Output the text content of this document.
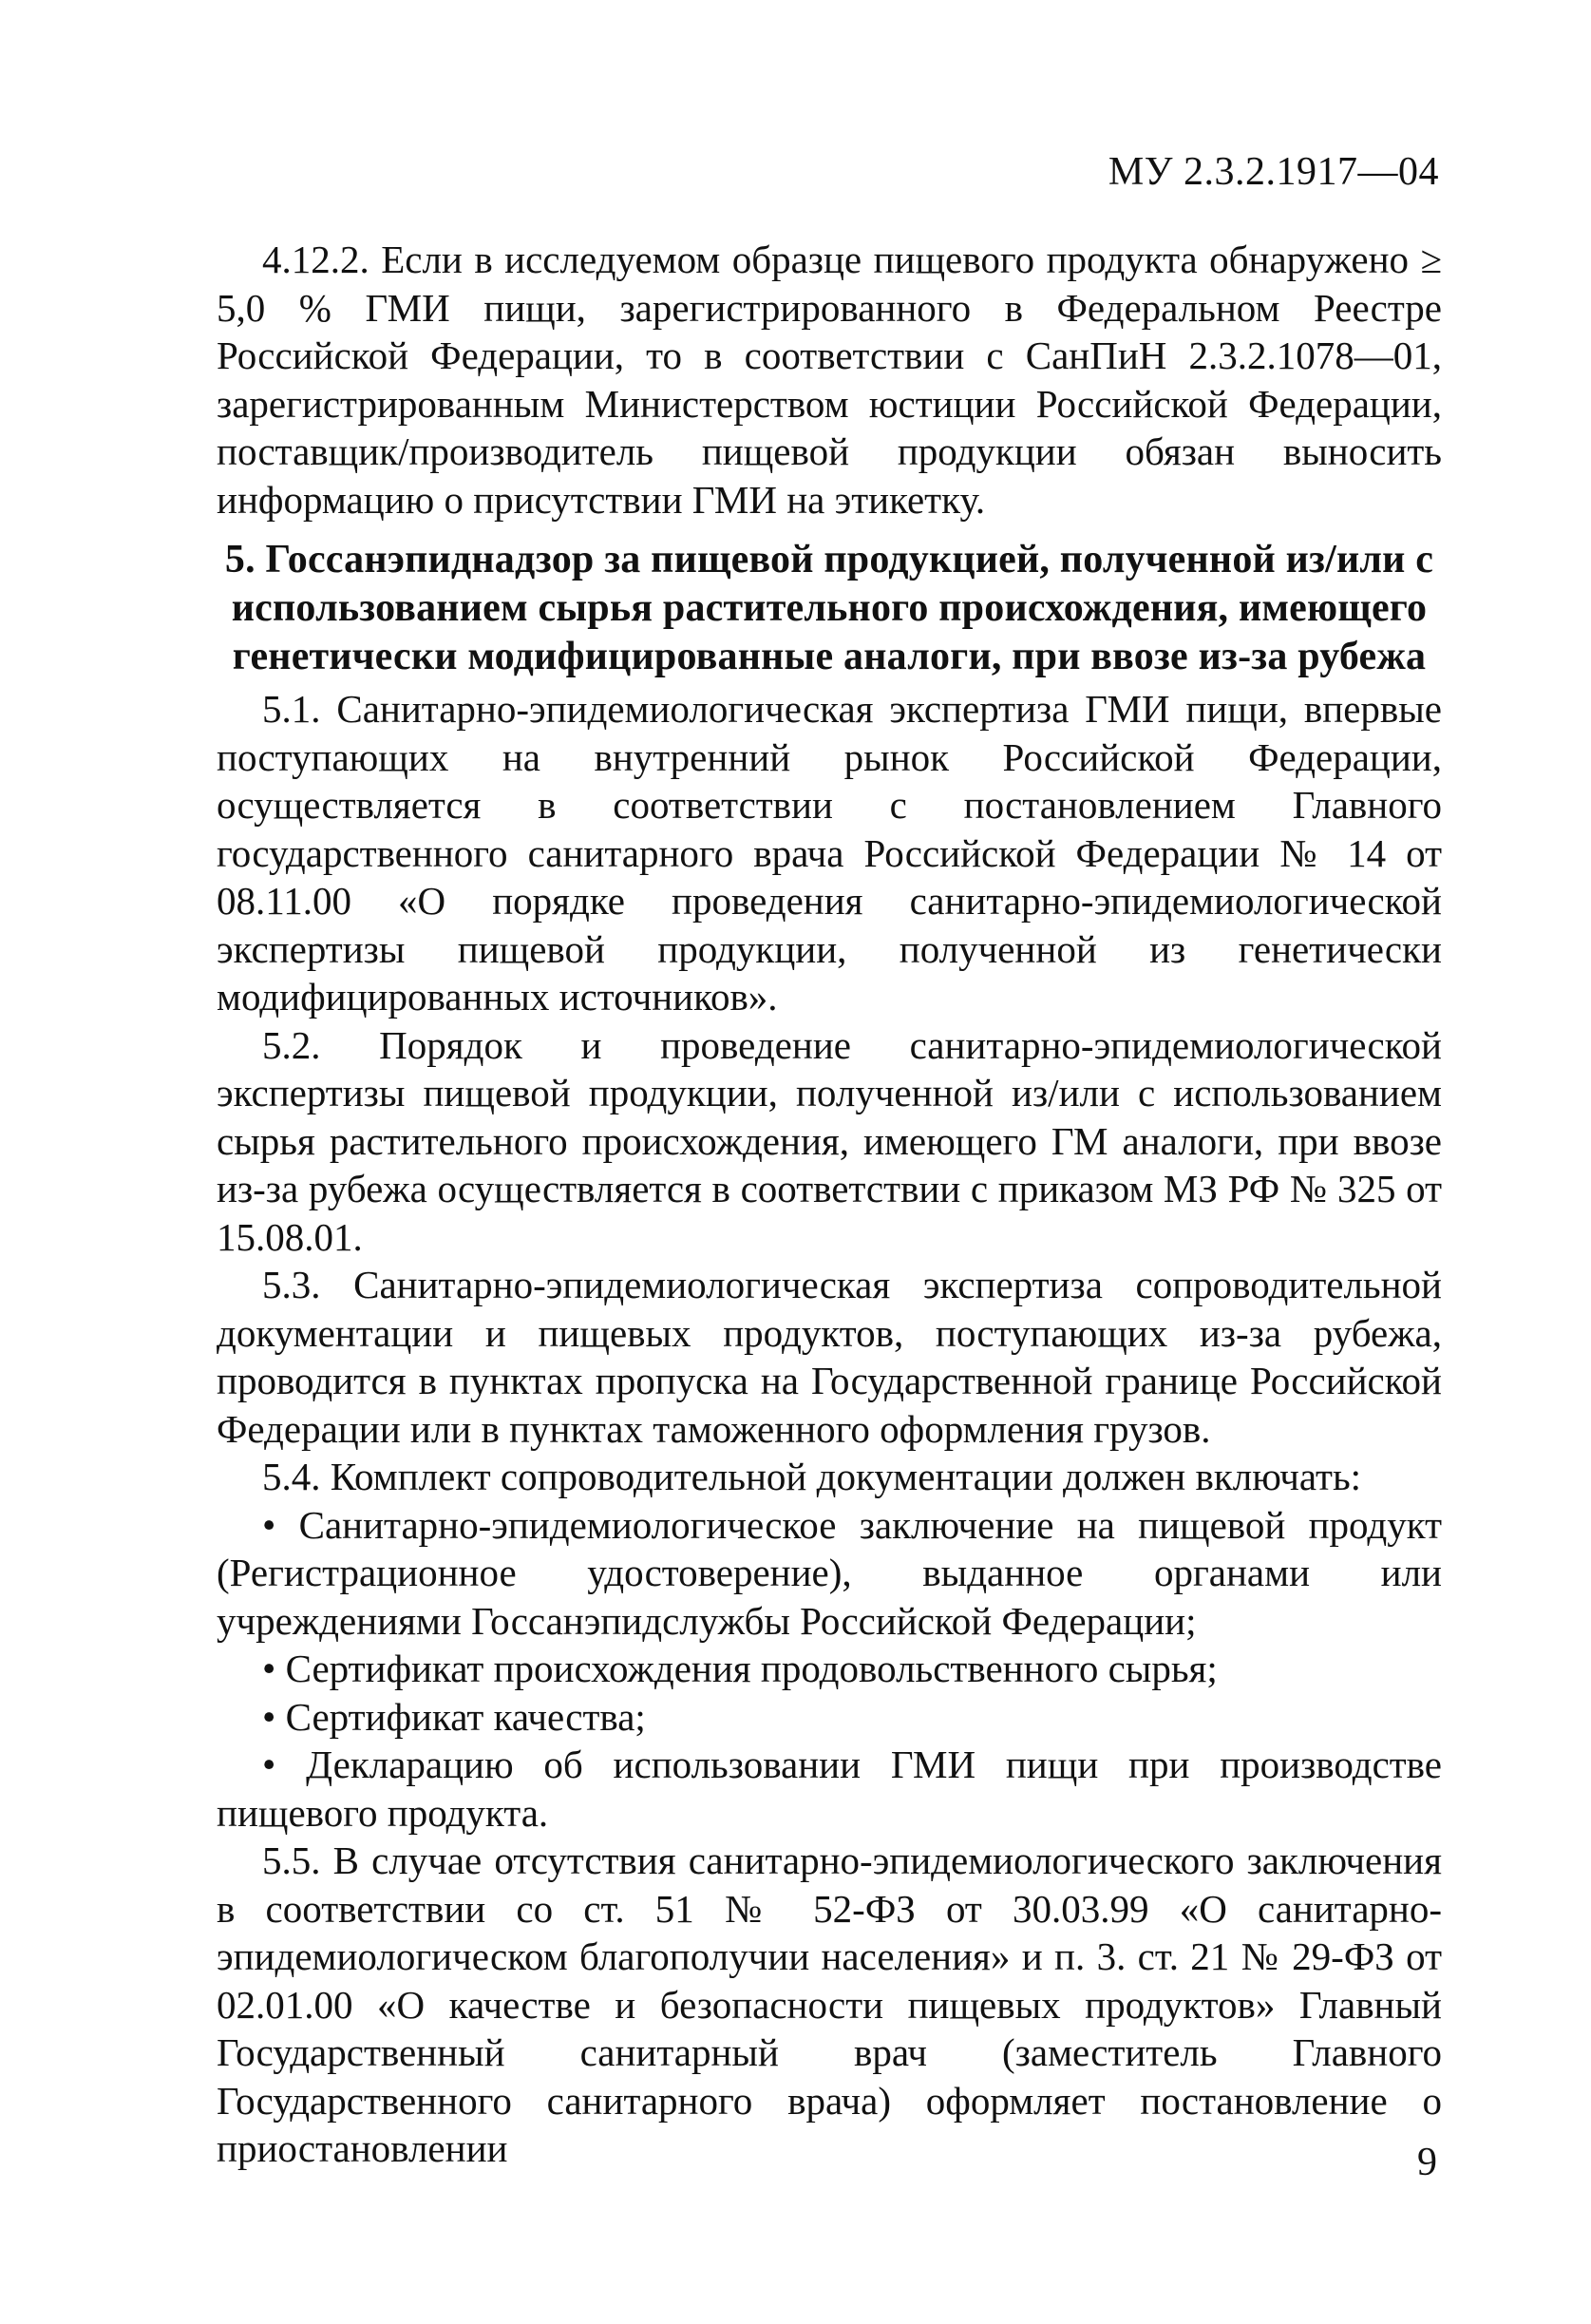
МУ 2.3.2.1917—04

4.12.2. Если в исследуемом образце пищевого продукта обнаружено ≥ 5,0 % ГМИ пищи, зарегистрированного в Федеральном Реестре Российской Федерации, то в соответствии с СанПиН 2.3.2.1078—01, зарегистрированным Министерством юстиции Российской Федерации, поставщик/производитель пищевой продукции обязан выносить информацию о присутствии ГМИ на этикетку.

5. Госсанэпиднадзор за пищевой продукцией, полученной из/или с использованием сырья растительного происхождения, имеющего генетически модифицированные аналоги, при ввозе из-за рубежа

5.1. Санитарно-эпидемиологическая экспертиза ГМИ пищи, впервые поступающих на внутренний рынок Российской Федерации, осуществляется в соответствии с постановлением Главного государственного санитарного врача Российской Федерации № 14 от 08.11.00 «О порядке проведения санитарно-эпидемиологической экспертизы пищевой продукции, полученной из генетически модифицированных источников».

5.2. Порядок и проведение санитарно-эпидемиологической экспертизы пищевой продукции, полученной из/или с использованием сырья растительного происхождения, имеющего ГМ аналоги, при ввозе из-за рубежа осуществляется в соответствии с приказом МЗ РФ № 325 от 15.08.01.

5.3. Санитарно-эпидемиологическая экспертиза сопроводительной документации и пищевых продуктов, поступающих из-за рубежа, проводится в пунктах пропуска на Государственной границе Российской Федерации или в пунктах таможенного оформления грузов.

5.4. Комплект сопроводительной документации должен включать:

• Санитарно-эпидемиологическое заключение на пищевой продукт (Регистрационное удостоверение), выданное органами или учреждениями Госсанэпидслужбы Российской Федерации;

• Сертификат происхождения продовольственного сырья;

• Сертификат качества;

• Декларацию об использовании ГМИ пищи при производстве пищевого продукта.

5.5. В случае отсутствия санитарно-эпидемиологического заключения в соответствии со ст. 51 № 52-ФЗ от 30.03.99 «О санитарно-эпидемиологическом благополучии населения» и п. 3. ст. 21 № 29-ФЗ от 02.01.00 «О качестве и безопасности пищевых продуктов» Главный Государственный санитарный врач (заместитель Главного Государственного санитарного врача) оформляет постановление о приостановлении	9
